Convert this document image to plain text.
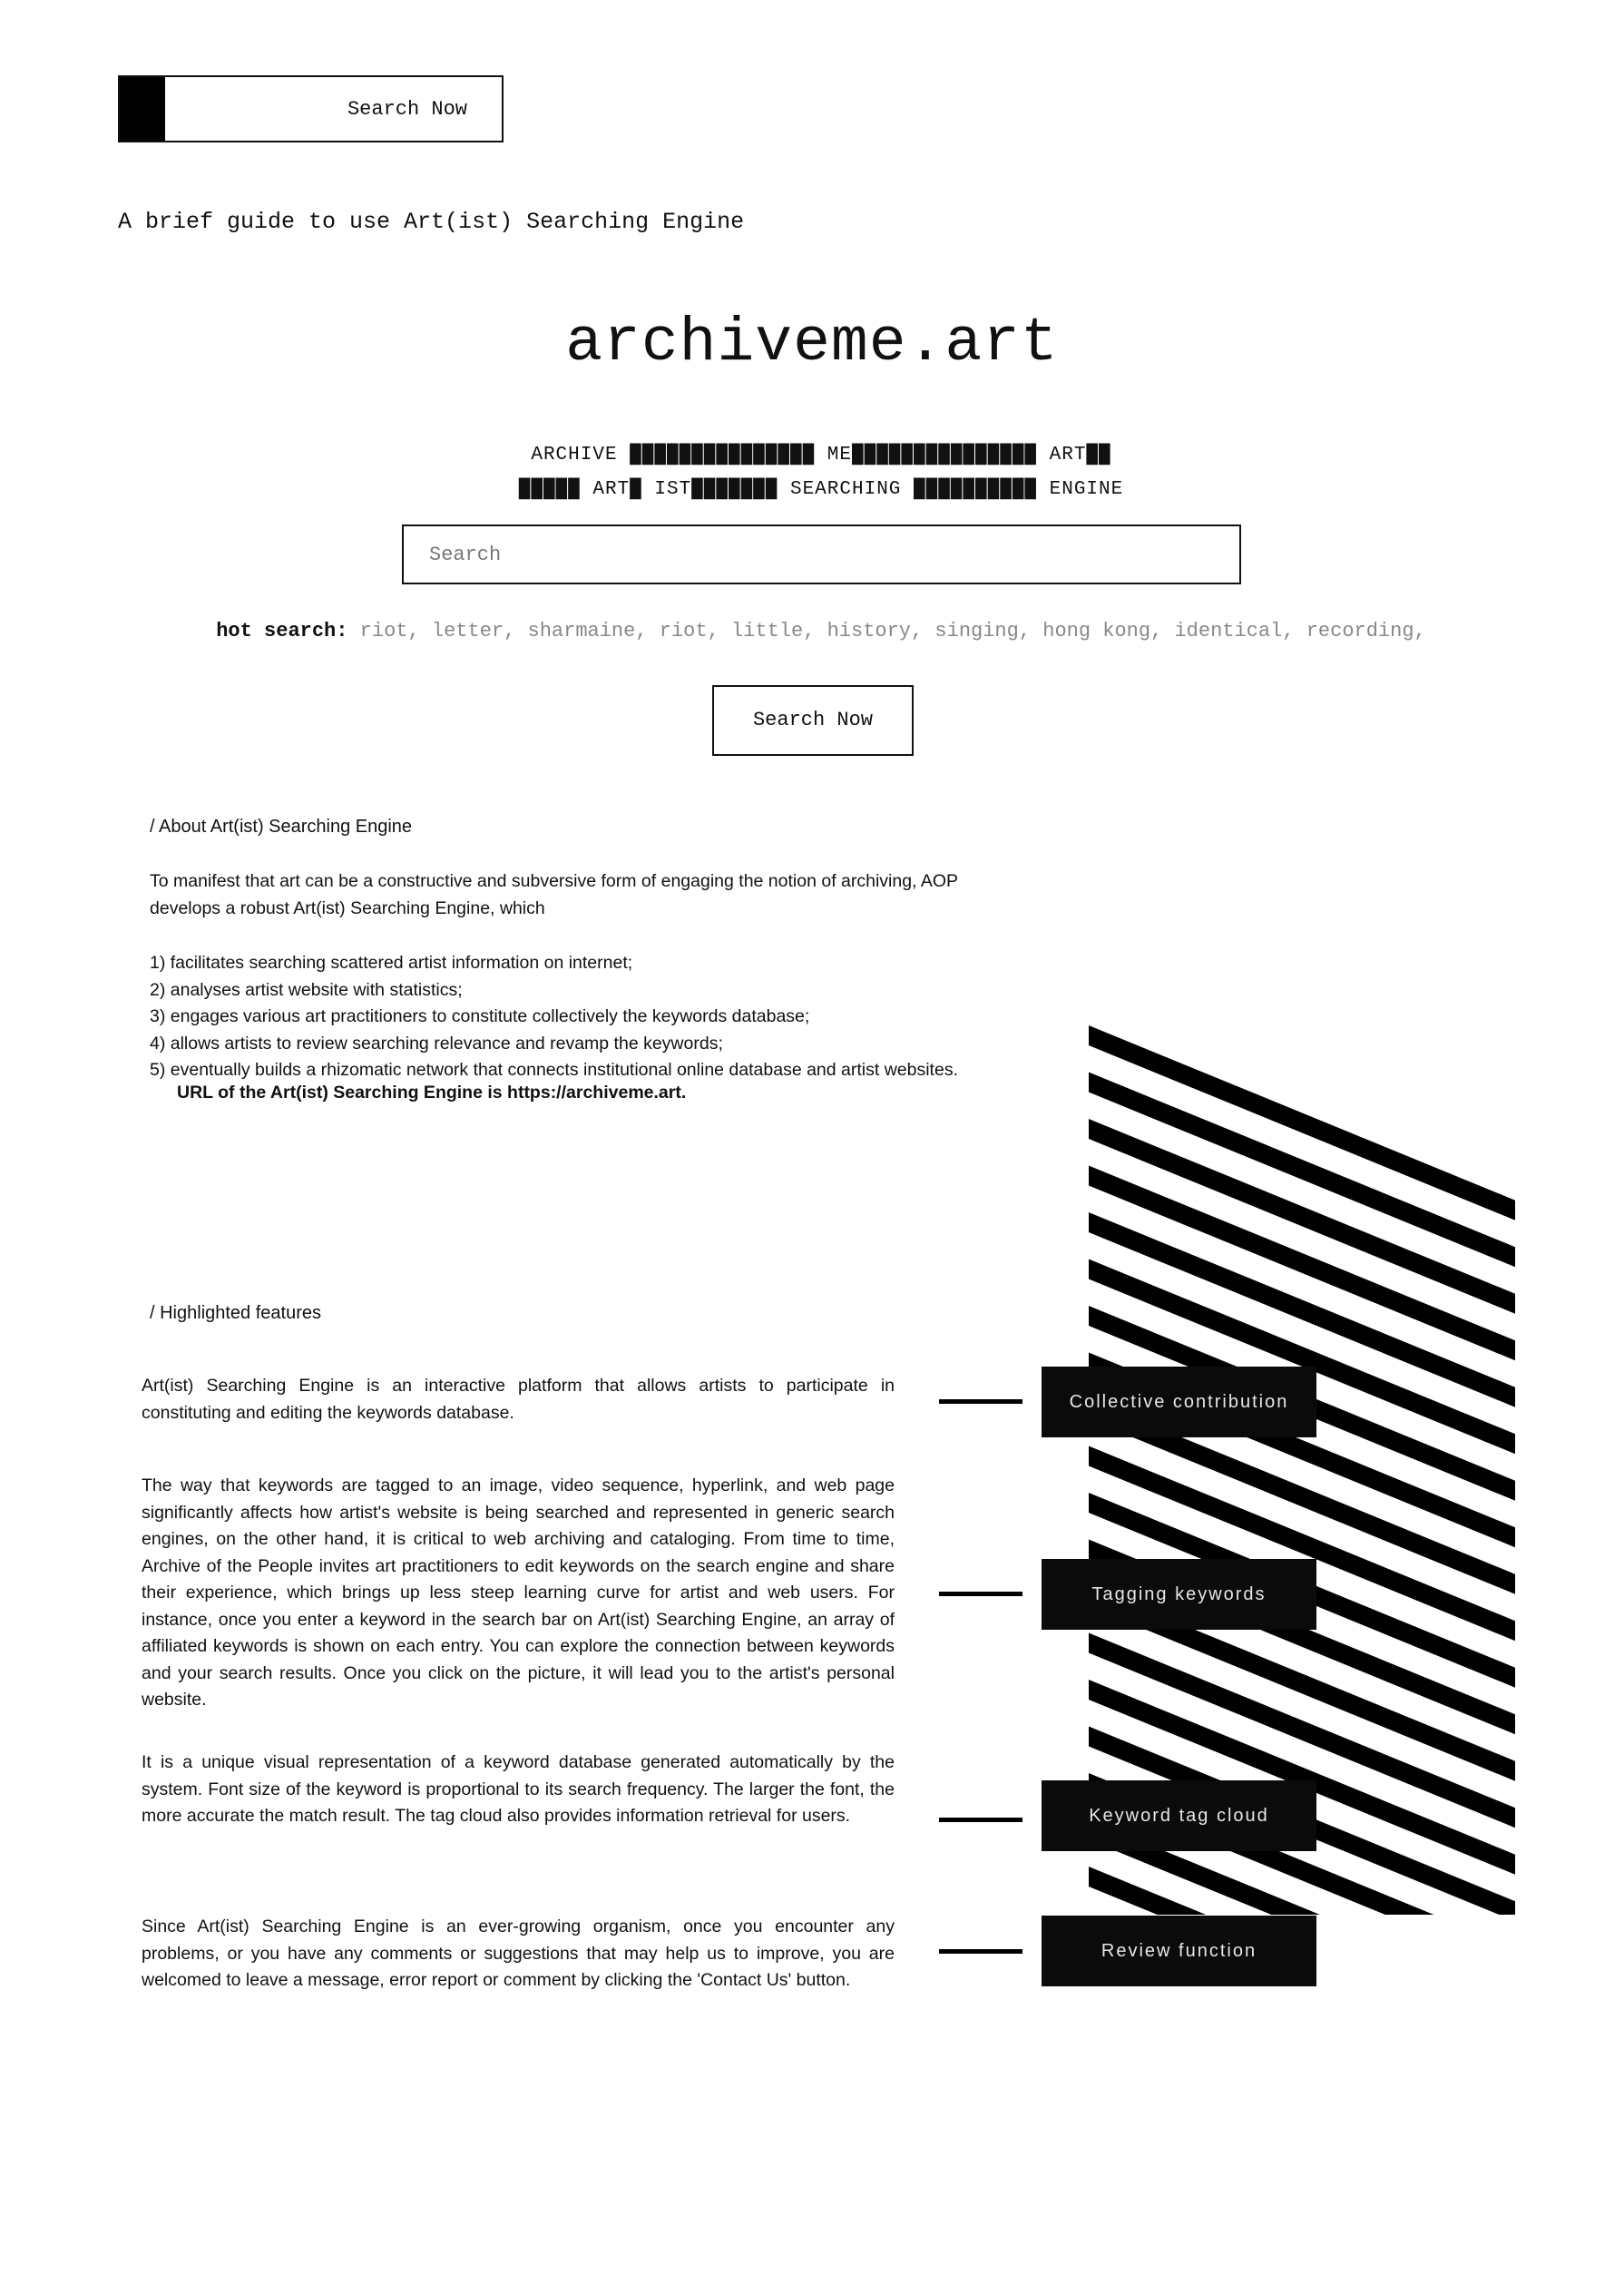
Search Now
A brief guide to use Art(ist) Searching Engine
archiveme.art
ARCHIVE ███████████████ ME███████████████ ART██
█████ ART█ IST███████ SEARCHING ██████████ ENGINE
Search
hot search: riot, letter, sharmaine, riot, little, history, singing, hong kong, identical, recording,
Search Now
/ About Art(ist) Searching Engine
To manifest that art can be a constructive and subversive form of engaging the notion of archiving, AOP develops a robust Art(ist) Searching Engine, which
1) facilitates searching scattered artist information on internet;
2) analyses artist website with statistics;
3) engages various art practitioners to constitute collectively the keywords database;
4) allows artists to review searching relevance and revamp the keywords;
5) eventually builds a rhizomatic network that connects institutional online database and artist websites.
URL of the Art(ist) Searching Engine is https://archiveme.art.
/ Highlighted features
Art(ist) Searching Engine is an interactive platform that allows artists to participate in constituting and editing the keywords database.
The way that keywords are tagged to an image, video sequence, hyperlink, and web page significantly affects how artist's website is being searched and represented in generic search engines, on the other hand, it is critical to web archiving and cataloging. From time to time, Archive of the People invites art practitioners to edit keywords on the search engine and share their experience, which brings up less steep learning curve for artist and web users. For instance, once you enter a keyword in the search bar on Art(ist) Searching Engine, an array of affiliated keywords is shown on each entry. You can explore the connection between keywords and your search results. Once you click on the picture, it will lead you to the artist's personal website.
It is a unique visual representation of a keyword database generated automatically by the system. Font size of the keyword is proportional to its search frequency. The larger the font, the more accurate the match result. The tag cloud also provides information retrieval for users.
Since Art(ist) Searching Engine is an ever-growing organism, once you encounter any problems, or you have any comments or suggestions that may help us to improve, you are welcomed to leave a message, error report or comment by clicking the 'Contact Us' button.
Collective contribution
Tagging keywords
Keyword tag cloud
Review function
